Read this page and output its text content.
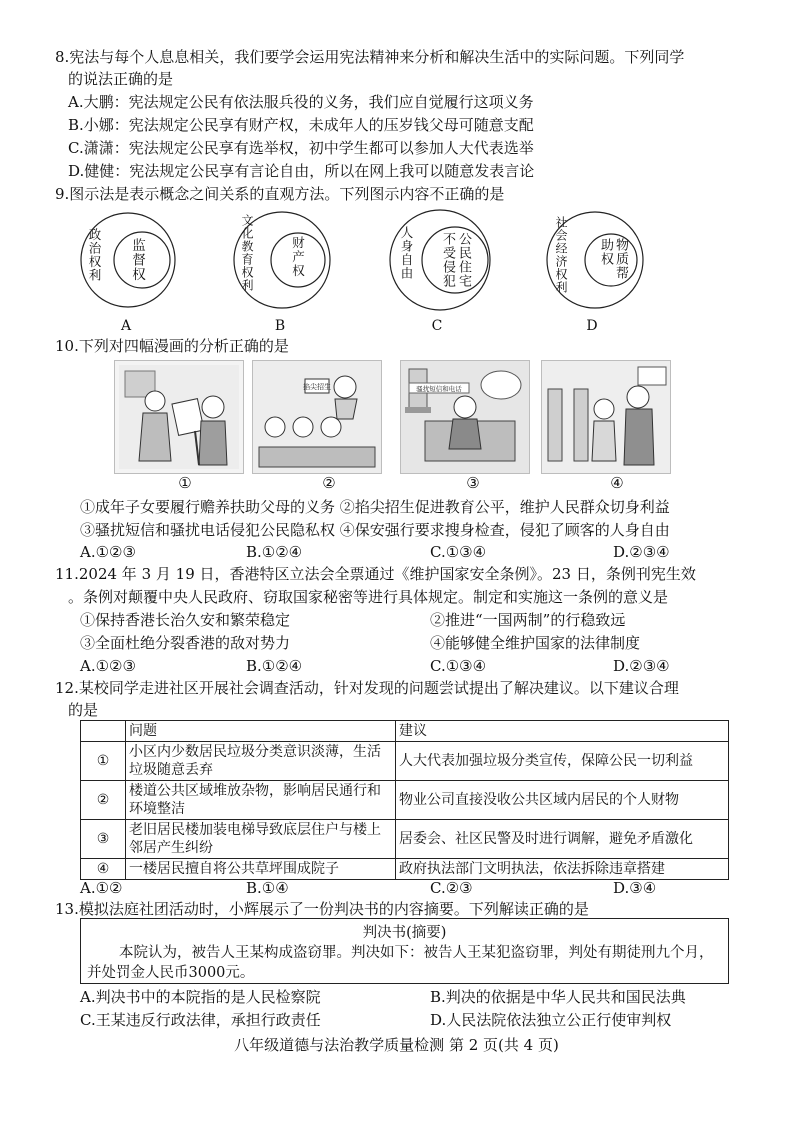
8.宪法与每个人息息相关，我们要学会运用宪法精神来分析和解决生活中的实际问题。下列同学
的说法正确的是
A.大鹏：宪法规定公民有依法服兵役的义务，我们应自觉履行这项义务
B.小娜：宪法规定公民享有财产权，未成年人的压岁钱父母可随意支配
C.潇潇：宪法规定公民享有选举权，初中学生都可以参加人大代表选举
D.健健：宪法规定公民享有言论自由，所以在网上我可以随意发表言论
9.图示法是表示概念之间关系的直观方法。下列图示内容不正确的是
政治权利 监督权
A
文化教育权利	财产权
B
人身自由	公民住宅不受侵犯
C
社会经济权利	物质帮助权
D
10.下列对四幅漫画的分析正确的是
掐尖招生	骚扰短信和电话
①	②	③	④
①成年子女要履行赡养扶助父母的义务 ②掐尖招生促进教育公平，维护人民群众切身利益
③骚扰短信和骚扰电话侵犯公民隐私权 ④保安强行要求搜身检查，侵犯了顾客的人身自由
A.①②③	B.①②④	C.①③④	D.②③④
11.2024 年 3 月 19 日，香港特区立法会全票通过《维护国家安全条例》。23 日，条例刊宪生效
。条例对颠覆中央人民政府、窃取国家秘密等进行具体规定。制定和实施这一条例的意义是
①保持香港长治久安和繁荣稳定	②推进“一国两制”的行稳致远
③全面杜绝分裂香港的敌对势力	④能够健全维护国家的法律制度
A.①②③	B.①②④	C.①③④	D.②③④
12.某校同学走进社区开展社会调查活动，针对发现的问题尝试提出了解决建议。以下建议合理
的是
	问题	建议
①	小区内少数居民垃圾分类意识淡薄，生活垃圾随意丢弃	人大代表加强垃圾分类宣传，保障公民一切利益
②	楼道公共区域堆放杂物，影响居民通行和环境整洁	物业公司直接没收公共区域内居民的个人财物
③	老旧居民楼加装电梯导致底层住户与楼上邻居产生纠纷	居委会、社区民警及时进行调解，避免矛盾激化
④	一楼居民擅自将公共草坪围成院子	政府执法部门文明执法，依法拆除违章搭建
A.①②	B.①④	C.②③	D.③④
13.模拟法庭社团活动时，小辉展示了一份判决书的内容摘要。下列解读正确的是
判决书(摘要)
本院认为，被告人王某构成盗窃罪。判决如下：被告人王某犯盗窃罪，判处有期徒刑九个月，
并处罚金人民币3000元。
A.判决书中的本院指的是人民检察院	B.判决的依据是中华人民共和国民法典
C.王某违反行政法律，承担行政责任	D.人民法院依法独立公正行使审判权
八年级道德与法治教学质量检测 第 2 页(共 4 页)
